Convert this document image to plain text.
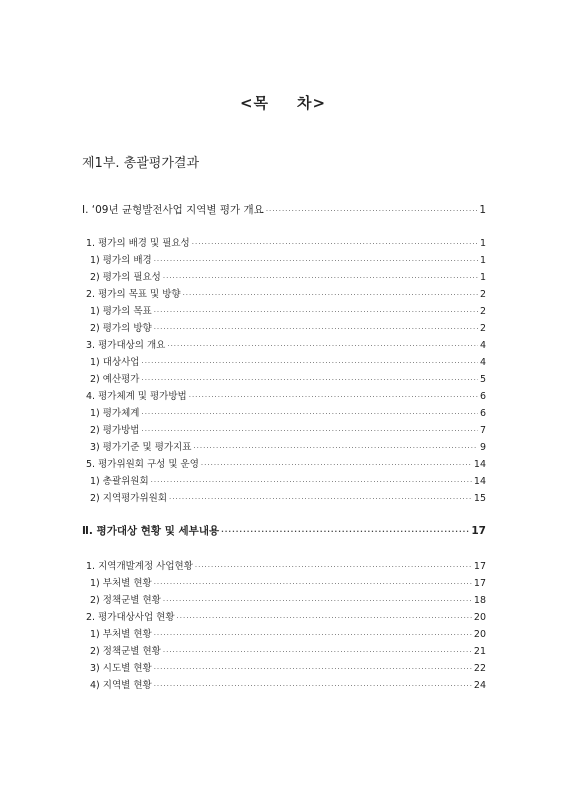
<목 차>
제1부. 총괄평가결과
Ⅰ. ‘09년 균형발전사업 지역별 평가 개요 ·····	1
1. 평가의 배경 및 필요성 ·····	1
1) 평가의 배경 ·····	1
2) 평가의 필요성 ·····	1
2. 평가의 목표 및 방향 ·····	2
1) 평가의 목표 ·····	2
2) 평가의 방향 ·····	2
3. 평가대상의 개요 ·····	4
1) 대상사업 ·····	4
2) 예산평가 ·····	5
4. 평가체계 및 평가방법 ·····	6
1) 평가체계 ·····	6
2) 평가방법 ·····	7
3) 평가기준 및 평가지표 ·····	9
5. 평가위원회 구성 및 운영 ·····	14
1) 총괄위원회 ·····	14
2) 지역평가위원회 ·····	15
Ⅱ. 평가대상 현황 및 세부내용 ·····	17
1. 지역개발계정 사업현황 ·····	17
1) 부처별 현황 ·····	17
2) 정책군별 현황 ·····	18
2. 평가대상사업 현황 ·····	20
1) 부처별 현황 ·····	20
2) 정책군별 현황 ·····	21
3) 시도별 현황 ·····	22
4) 지역별 현황 ·····	24
